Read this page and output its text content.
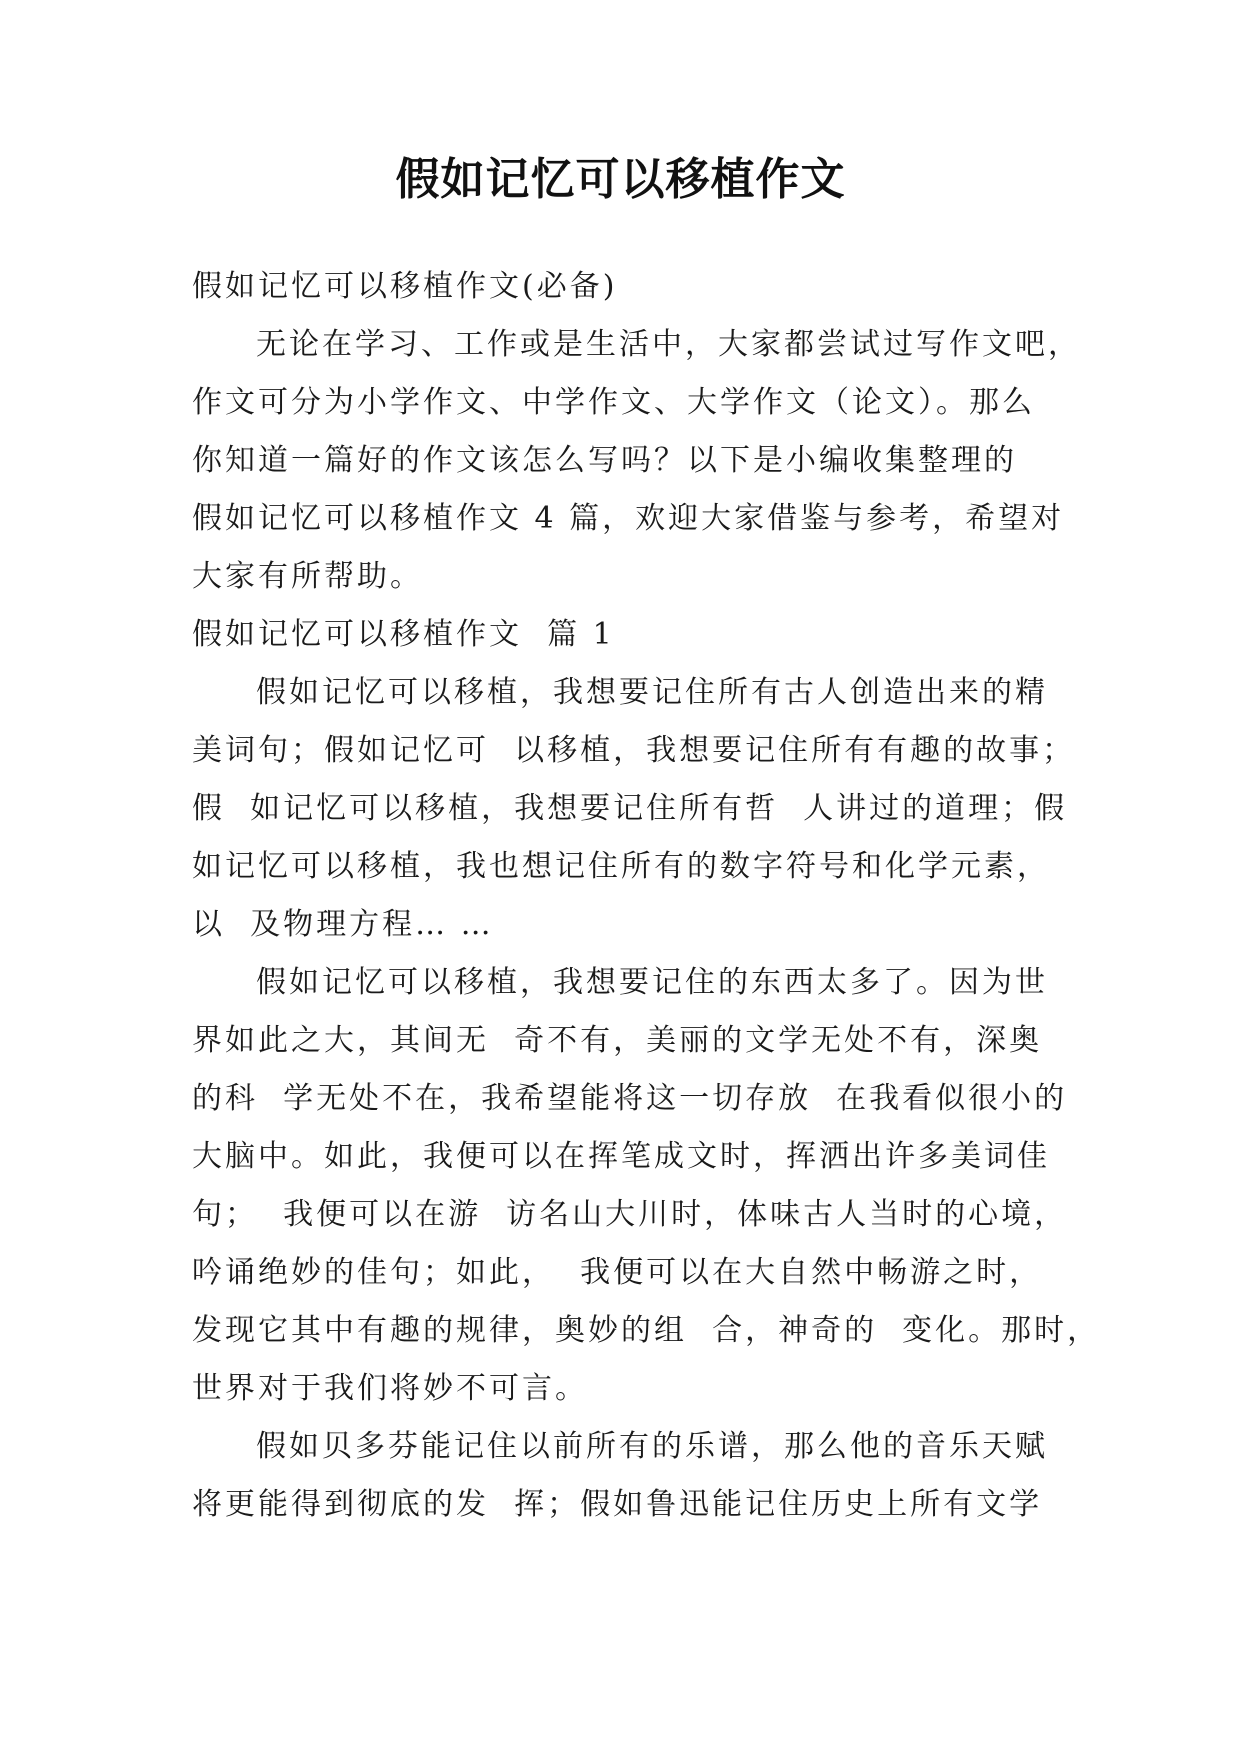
假如记忆可以移植作文
假如记忆可以移植作文(必备)
无论在学习、工作或是生活中，大家都尝试过写作文吧，
作文可分为小学作文、中学作文、大学作文（论文）。那么
你知道一篇好的作文该怎么写吗？以下是小编收集整理的
假如记忆可以移植作文 4 篇，欢迎大家借鉴与参考，希望对
大家有所帮助。
假如记忆可以移植作文  篇 1
假如记忆可以移植，我想要记住所有古人创造出来的精
美词句；假如记忆可  以移植，我想要记住所有有趣的故事；
假  如记忆可以移植，我想要记住所有哲  人讲过的道理；假
如记忆可以移植，我也想记住所有的数字符号和化学元素，
以  及物理方程… …
假如记忆可以移植，我想要记住的东西太多了。因为世
界如此之大，其间无  奇不有，美丽的文学无处不有，深奥
的科  学无处不在，我希望能将这一切存放  在我看似很小的
大脑中。如此，我便可以在挥笔成文时，挥洒出许多美词佳
句；  我便可以在游  访名山大川时，体味古人当时的心境，
吟诵绝妙的佳句；如此，  我便可以在大自然中畅游之时，
发现它其中有趣的规律，奥妙的组  合，神奇的  变化。那时，
世界对于我们将妙不可言。
假如贝多芬能记住以前所有的乐谱，那么他的音乐天赋
将更能得到彻底的发  挥；假如鲁迅能记住历史上所有文学
